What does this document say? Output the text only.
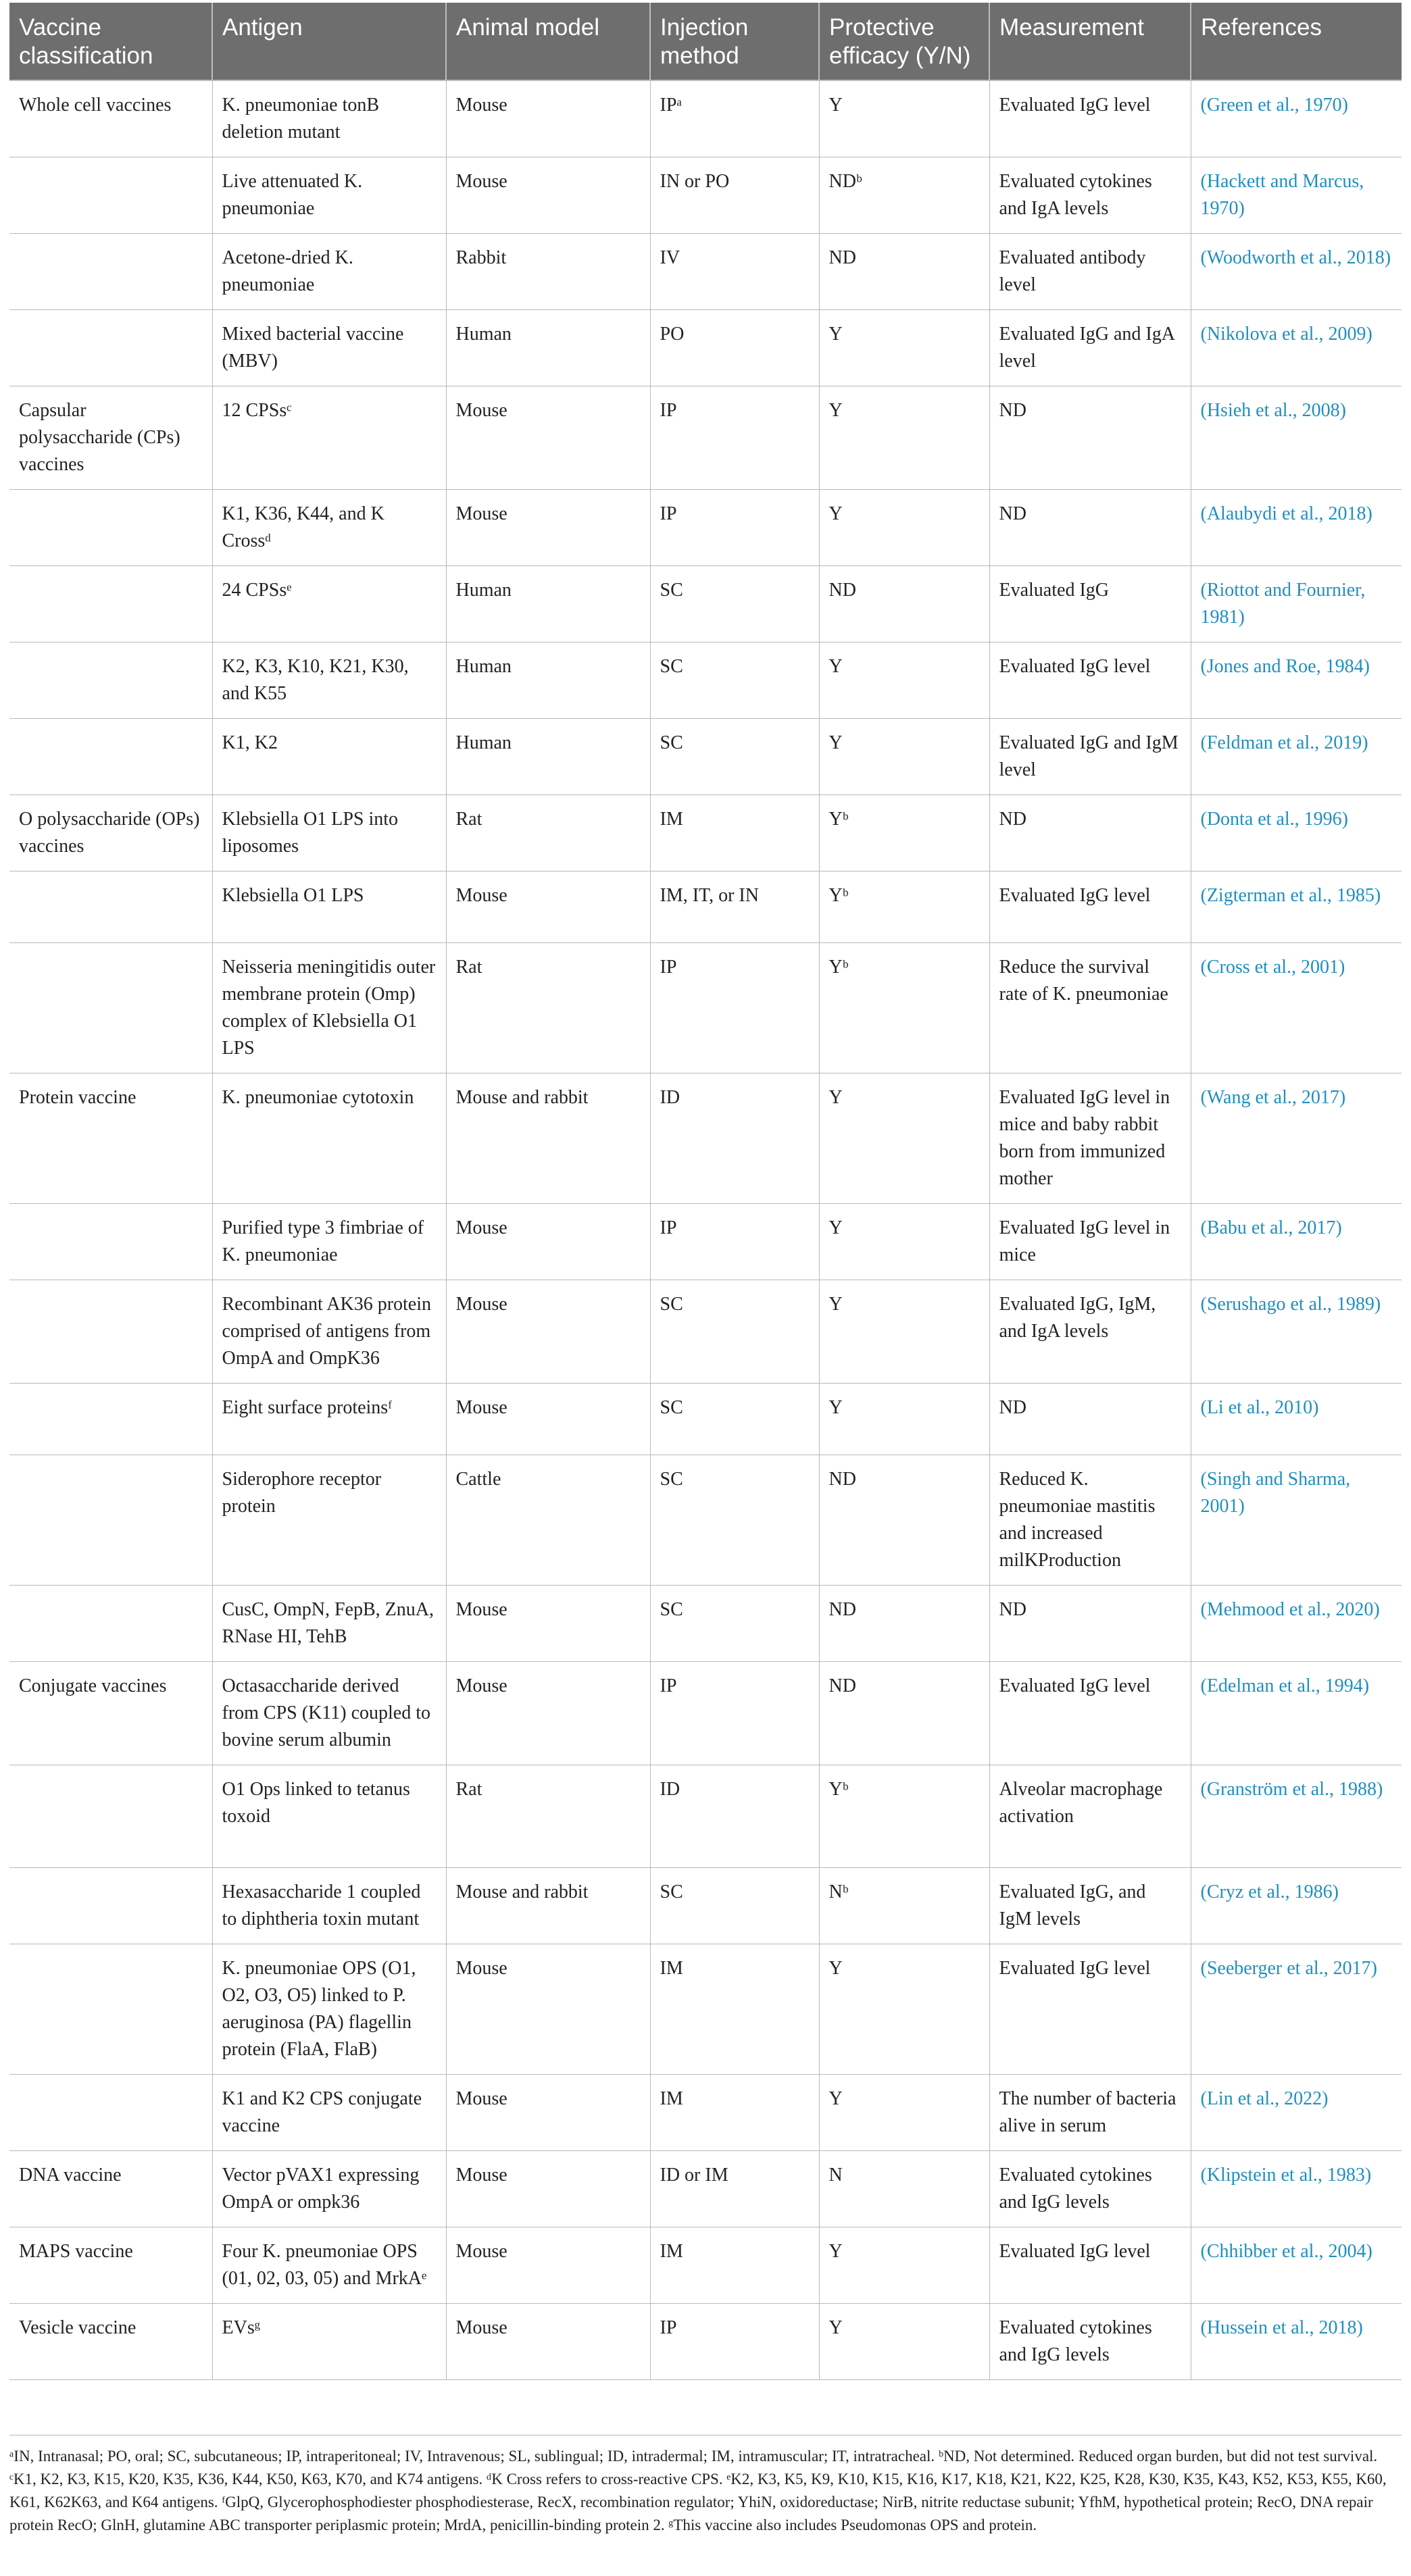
Vaccine classification	Antigen	Animal model	Injection method	Protective efficacy (Y/N)	Measurement	References
Whole cell vaccines	K. pneumoniae tonB deletion mutant	Mouse	IPᵃ	Y	Evaluated IgG level	(Green et al., 1970)
	Live attenuated K. pneumoniae	Mouse	IN or PO	NDᵇ	Evaluated cytokines and IgA levels	(Hackett and Marcus, 1970)
	Acetone-dried K. pneumoniae	Rabbit	IV	ND	Evaluated antibody level	(Woodworth et al., 2018)
	Mixed bacterial vaccine (MBV)	Human	PO	Y	Evaluated IgG and IgA level	(Nikolova et al., 2009)
Capsular polysaccharide (CPs) vaccines	12 CPSsᶜ	Mouse	IP	Y	ND	(Hsieh et al., 2008)
	K1, K36, K44, and K Crossᵈ	Mouse	IP	Y	ND	(Alaubydi et al., 2018)
	24 CPSsᵉ	Human	SC	ND	Evaluated IgG	(Riottot and Fournier, 1981)
	K2, K3, K10, K21, K30, and K55	Human	SC	Y	Evaluated IgG level	(Jones and Roe, 1984)
	K1, K2	Human	SC	Y	Evaluated IgG and IgM level	(Feldman et al., 2019)
O polysaccharide (OPs) vaccines	Klebsiella O1 LPS into liposomes	Rat	IM	Yᵇ	ND	(Donta et al., 1996)
	Klebsiella O1 LPS	Mouse	IM, IT, or IN	Yᵇ	Evaluated IgG level	(Zigterman et al., 1985)
	Neisseria meningitidis outer membrane protein (Omp) complex of Klebsiella O1 LPS	Rat	IP	Yᵇ	Reduce the survival rate of K. pneumoniae	(Cross et al., 2001)
Protein vaccine	K. pneumoniae cytotoxin	Mouse and rabbit	ID	Y	Evaluated IgG level in mice and baby rabbit born from immunized mother	(Wang et al., 2017)
	Purified type 3 fimbriae of K. pneumoniae	Mouse	IP	Y	Evaluated IgG level in mice	(Babu et al., 2017)
	Recombinant AK36 protein comprised of antigens from OmpA and OmpK36	Mouse	SC	Y	Evaluated IgG, IgM, and IgA levels	(Serushago et al., 1989)
	Eight surface proteinsᶠ	Mouse	SC	Y	ND	(Li et al., 2010)
	Siderophore receptor protein	Cattle	SC	ND	Reduced K. pneumoniae mastitis and increased milKProduction	(Singh and Sharma, 2001)
	CusC, OmpN, FepB, ZnuA, RNase HI, TehB	Mouse	SC	ND	ND	(Mehmood et al., 2020)
Conjugate vaccines	Octasaccharide derived from CPS (K11) coupled to bovine serum albumin	Mouse	IP	ND	Evaluated IgG level	(Edelman et al., 1994)
	O1 Ops linked to tetanus toxoid	Rat	ID	Yᵇ	Alveolar macrophage activation	(Granström et al., 1988)
	Hexasaccharide 1 coupled to diphtheria toxin mutant	Mouse and rabbit	SC	Nᵇ	Evaluated IgG, and IgM levels	(Cryz et al., 1986)
	K. pneumoniae OPS (O1, O2, O3, O5) linked to P. aeruginosa (PA) flagellin protein (FlaA, FlaB)	Mouse	IM	Y	Evaluated IgG level	(Seeberger et al., 2017)
	K1 and K2 CPS conjugate vaccine	Mouse	IM	Y	The number of bacteria alive in serum	(Lin et al., 2022)
DNA vaccine	Vector pVAX1 expressing OmpA or ompk36	Mouse	ID or IM	N	Evaluated cytokines and IgG levels	(Klipstein et al., 1983)
MAPS vaccine	Four K. pneumoniae OPS (01, 02, 03, 05) and MrkAᵉ	Mouse	IM	Y	Evaluated IgG level	(Chhibber et al., 2004)
Vesicle vaccine	EVsᵍ	Mouse	IP	Y	Evaluated cytokines and IgG levels	(Hussein et al., 2018)
ᵃIN, Intranasal; PO, oral; SC, subcutaneous; IP, intraperitoneal; IV, Intravenous; SL, sublingual; ID, intradermal; IM, intramuscular; IT, intratracheal. ᵇND, Not determined. Reduced organ burden, but did not test survival. ᶜK1, K2, K3, K15, K20, K35, K36, K44, K50, K63, K70, and K74 antigens. ᵈK Cross refers to cross-reactive CPS. ᵉK2, K3, K5, K9, K10, K15, K16, K17, K18, K21, K22, K25, K28, K30, K35, K43, K52, K53, K55, K60, K61, K62K63, and K64 antigens. ᶠGlpQ, Glycerophosphodiester phosphodiesterase, RecX, recombination regulator; YhiN, oxidoreductase; NirB, nitrite reductase subunit; YfhM, hypothetical protein; RecO, DNA repair protein RecO; GlnH, glutamine ABC transporter periplasmic protein; MrdA, penicillin-binding protein 2. ᵍThis vaccine also includes Pseudomonas OPS and protein.
